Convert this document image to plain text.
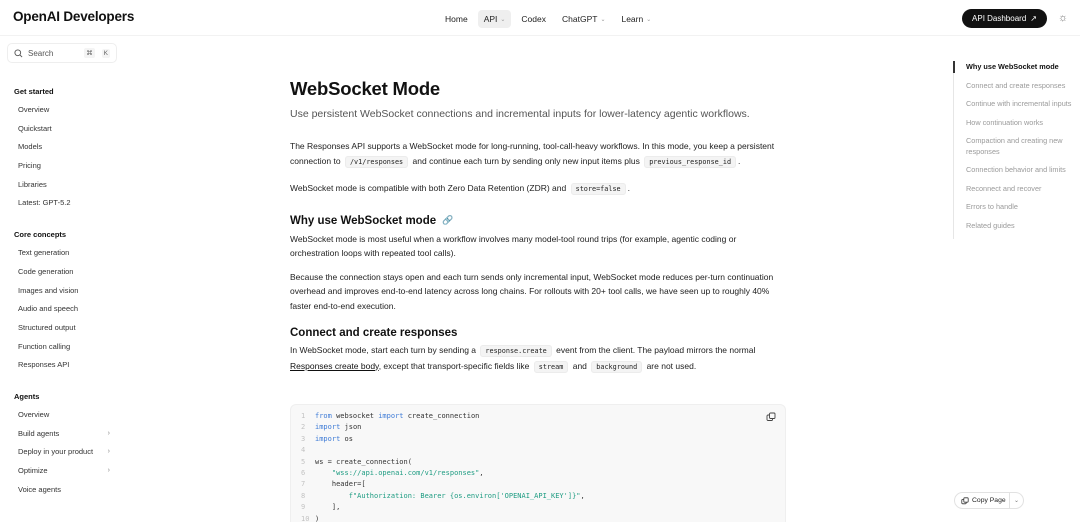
OpenAI Developers	Home API ⌄ Codex ChatGPT ⌄ Learn ⌄	API Dashboard ↗ ☼
Search	⌘	K
Get started
Overview
Quickstart
Models
Pricing
Libraries
Latest: GPT-5.2
Core concepts
Text generation
Code generation
Images and vision
Audio and speech
Structured output
Function calling
Responses API
Agents
Overview
Build agents	›
Deploy in your product ›
Optimize	›
Voice agents
WebSocket Mode
Use persistent WebSocket connections and incremental inputs for lower-latency agentic workflows.

The Responses API supports a WebSocket mode for long-running, tool-call-heavy workflows. In this mode, you keep a persistent connection to /v1/responses and continue each turn by sending only new input items plus previous_response_id .

WebSocket mode is compatible with both Zero Data Retention (ZDR) and store=false .

Why use WebSocket mode 🔗

WebSocket mode is most useful when a workflow involves many model-tool round trips (for example, agentic coding or orchestration loops with repeated tool calls).

Because the connection stays open and each turn sends only incremental input, WebSocket mode reduces per-turn continuation overhead and improves end-to-end latency across long chains. For rollouts with 20+ tool calls, we have seen up to roughly 40% faster end-to-end execution.

Connect and create responses

In WebSocket mode, start each turn by sending a response.create event from the client. The payload mirrors the normal Responses create body, except that transport-specific fields like stream and background are not used.

1	from websocket import create_connection
2	import json
3	import os
4
5	ws = create_connection(
6	"wss://api.openai.com/v1/responses",
7	header=[
8	f"Authorization: Bearer {os.environ['OPENAI_API_KEY']}",
9	],
10 )
Why use WebSocket mode
Connect and create responses
Continue with incremental inputs
How continuation works
Compaction and creating new responses
Connection behavior and limits
Reconnect and recover
Errors to handle
Related guides
Copy Page ⌄
